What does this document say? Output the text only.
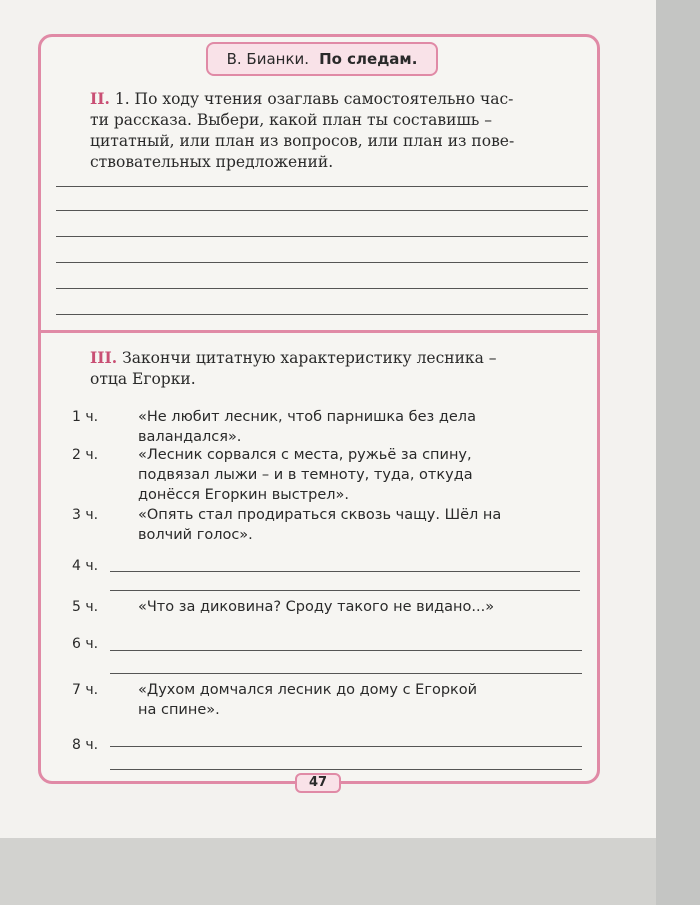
В. Бианки. По следам.
II. 1. По ходу чтения озаглавь самостоятельно час-
ти рассказа. Выбери, какой план ты составишь –
цитатный, или план из вопросов, или план из пове-
ствовательных предложений.
III. Закончи цитатную характеристику лесника –
отца Егорки.
1 ч.	«Не любит лесник, чтоб парнишка без дела
валандался».
2 ч.	«Лесник сорвался с места, ружьё за спину,
подвязал лыжи – и в темноту, туда, откуда
донёсся Егоркин выстрел».
3 ч.	«Опять стал продираться сквозь чащу. Шёл на
волчий голос».
4 ч.
5 ч.	«Что за диковина? Сроду такого не видано...»
6 ч.
7 ч.	«Духом домчался лесник до дому с Егоркой
на спине».
8 ч.
47
